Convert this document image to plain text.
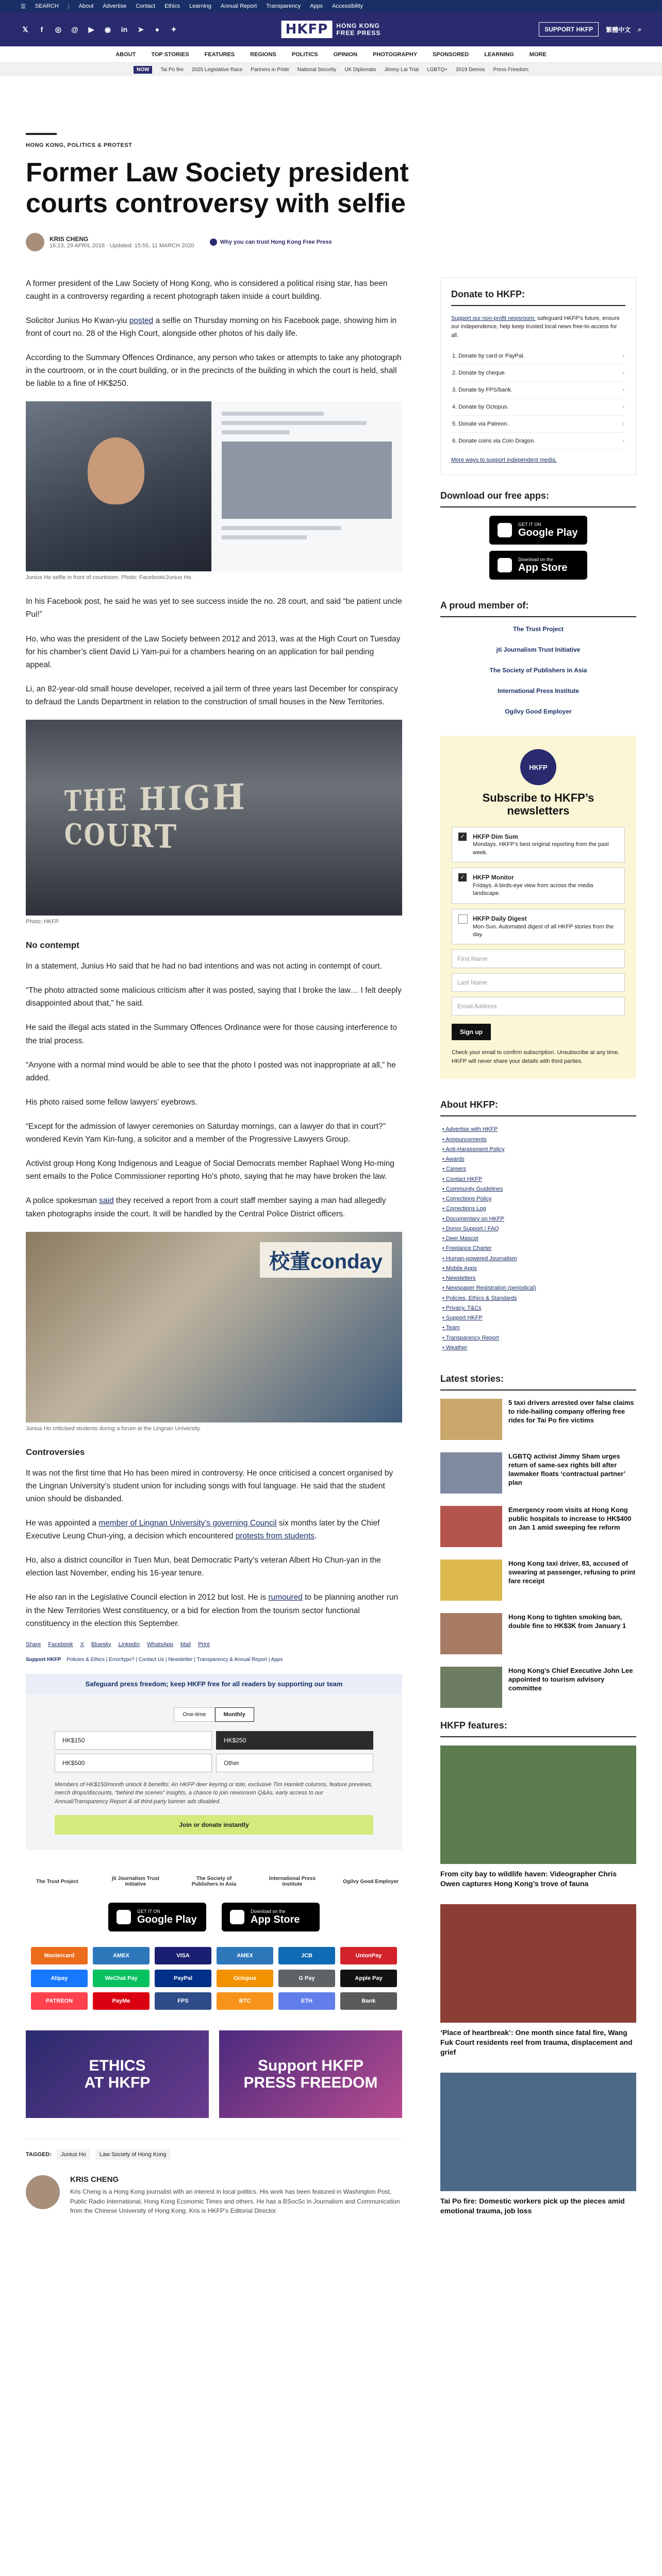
☰ SEARCH | About Advertise Contact Ethics Learning Annual Report Transparency Apps Accessibility
𝕏	f	◎ @ ▶ ◉ in ➤	●	✦	HKFP	HONG KONG
FREE PRESS	SUPPORT HKFP	繁體中文 ⌕
ABOUT	TOP STORIES	FEATURES	REGIONS	POLITICS	OPINION	PHOTOGRAPHY	SPONSORED	LEARNING	MORE
NOW	Tai Po fire 2025 Legislative Race Partners in Pride National Security UK Diplomats Jimmy Lai Trial LGBTQ+ 2019 Demos Press Freedom
HONG KONG, POLITICS & PROTEST
Former Law Society president courts controversy with selfie
KRIS CHENG
16:23, 29 APRIL 2016 · Updated: 15:55, 11 MARCH 2020
Why you can trust Hong Kong Free Press

A former president of the Law Society of Hong Kong, who is considered a political rising star, has been caught in a controversy regarding a recent photograph taken inside a court building.

Solicitor Junius Ho Kwan-yiu posted a selfie on Thursday morning on his Facebook page, showing him in front of court no. 28 of the High Court, alongside other photos of his daily life.

According to the Summary Offences Ordinance, any person who takes or attempts to take any photograph in the courtroom, or in the court building, or in the precincts of the building in which the court is held, shall be liable to a fine of HK$250.

Junius Ho selfie in front of courtroom. Photo: Facebook/Junius Ho.

In his Facebook post, he said he was yet to see success inside the no. 28 court, and said “be patient uncle Pui!”

Ho, who was the president of the Law Society between 2012 and 2013, was at the High Court on Tuesday for his chamber’s client David Li Yam-pui for a chambers hearing on an application for bail pending appeal.

Li, an 82-year-old small house developer, received a jail term of three years last December for conspiracy to defraud the Lands Department in relation to the construction of small houses in the New Territories.

THE HIGH COURT
Photo: HKFP.
No contempt

In a statement, Junius Ho said that he had no bad intentions and was not acting in contempt of court.

“The photo attracted some malicious criticism after it was posted, saying that I broke the law… I felt deeply disappointed about that,” he said.

He said the illegal acts stated in the Summary Offences Ordinance were for those causing interference to the trial process.

“Anyone with a normal mind would be able to see that the photo I posted was not inappropriate at all,” he added.

His photo raised some fellow lawyers’ eyebrows.

“Except for the admission of lawyer ceremonies on Saturday mornings, can a lawyer do that in court?” wondered Kevin Yam Kin-fung, a solicitor and a member of the Progressive Lawyers Group.

Activist group Hong Kong Indigenous and League of Social Democrats member Raphael Wong Ho-ming sent emails to the Police Commissioner reporting Ho’s photo, saying that he may have broken the law.

A police spokesman said they received a report from a court staff member saying a man had allegedly taken photographs inside the court. It will be handled by the Central Police District officers.

校董conday
Junius Ho criticised students during a forum at the Lingnan University.
Controversies

It was not the first time that Ho has been mired in controversy. He once criticised a concert organised by the Lingnan University’s student union for including songs with foul language. He said that the student union should be disbanded.

He was appointed a member of Lingnan University’s governing Council six months later by the Chief Executive Leung Chun-ying, a decision which encountered protests from students.

Ho, also a district councillor in Tuen Mun, beat Democratic Party’s veteran Albert Ho Chun-yan in the election last November, ending his 16-year tenure.

He also ran in the Legislative Council election in 2012 but lost. He is rumoured to be planning another run in the New Territories West constituency, or a bid for election from the tourism sector functional constituency in the election this September.

Share Facebook X Bluesky LinkedIn WhatsApp Mail Print
Support HKFP Policies & Ethics | Error/typo? | Contact Us | Newsletter | Transparency & Annual Report | Apps
Safeguard press freedom; keep HKFP free for all readers by supporting our team
One-time	Monthly
HK$150	HK$250
HK$500	Other
Members of HK$150/month unlock 8 benefits: An HKFP deer keyring or tote, exclusive Tim Hamlett columns, feature previews, merch drops/discounts, “behind the scenes” insights, a chance to join newsroom Q&As, early access to our Annual/Transparency Report & all third-party banner ads disabled.
Join or donate instantly
The Trust Project	jti Journalism Trust Initiative
The Society of Publishers in Asia
International Press Institute	Ogilvy Good Employer
GET IT ON
Google Play
Download on the
App Store
Mastercard	AMEX	VISA	AMEX	JCB	UnionPay
Alipay	WeChat Pay	PayPal	Octopus	G Pay	Apple Pay
PATREON	PayMe	FPS	BTC	ETH	Bank
ETHICS
AT HKFP
Support HKFP
PRESS FREEDOM
TAGGED:	Junius Ho	Law Society of Hong Kong
KRIS CHENG

Kris Cheng is a Hong Kong journalist with an interest in local politics. His work has been featured in Washington Post, Public Radio International, Hong Kong Economic Times and others. He has a BSocSc in Journalism and Communication from the Chinese University of Hong Kong. Kris is HKFP’s Editorial Director.

Donate to HKFP:
Support our non-profit newsroom: safeguard HKFP’s future, ensure our independence, help keep trusted local news free-to-access for all.
1. Donate by card or PayPal.	›
2. Donate by cheque.	›
3. Donate by FPS/bank.	›
4. Donate by Octopus.	›
5. Donate via Patreon.	›
6. Donate coins via Coin Dragon.	›
More ways to support independent media.
Download our free apps:
GET IT ON
Google Play
Download on the
App Store
A proud member of:
The Trust Project
jti Journalism Trust Initiative
The Society of Publishers in Asia
International Press Institute
Ogilvy Good Employer
HKFP
Subscribe to HKFP’s newsletters
✓ HKFP Dim Sum
Mondays. HKFP’s best original reporting from the past week.
✓ HKFP Monitor
Fridays. A birds-eye view from across the media landscape.
HKFP Daily Digest
Mon-Sun. Automated digest of all HKFP stories from the day.
First Name
Last Name
Email Address
Sign up
Check your email to confirm subscription. Unsubscribe at any time. HKFP will never share your details with third parties.
About HKFP:
• Advertise with HKFP
• Announcements
• Anti-Harassment Policy
• Awards
• Careers
• Contact HKFP
• Community Guidelines
• Corrections Policy
• Corrections Log
• Documentary on HKFP
• Donor Support / FAQ
• Deer Mascot
• Freelance Charter
• Human-powered Journalism
• Mobile Apps
• Newsletters
• Newspaper Registration (periodical)
• Policies, Ethics & Standards
• Privacy, T&Cs
• Support HKFP
• Team
• Transparency Report
• Weather
Latest stories:

5 taxi drivers arrested over false claims to ride-hailing company offering free rides for Tai Po fire victims

LGBTQ activist Jimmy Sham urges return of same-sex rights bill after lawmaker floats ‘contractual partner’ plan

Emergency room visits at Hong Kong public hospitals to increase to HK$400 on Jan 1 amid sweeping fee reform

Hong Kong taxi driver, 83, accused of swearing at passenger, refusing to print fare receipt

Hong Kong to tighten smoking ban, double fine to HK$3K from January 1

Hong Kong’s Chief Executive John Lee appointed to tourism advisory committee

HKFP features:

From city bay to wildlife haven: Videographer Chris Owen captures Hong Kong’s trove of fauna

‘Place of heartbreak’: One month since fatal fire, Wang Fuk Court residents reel from trauma, displacement and grief

Tai Po fire: Domestic workers pick up the pieces amid emotional trauma, job loss
